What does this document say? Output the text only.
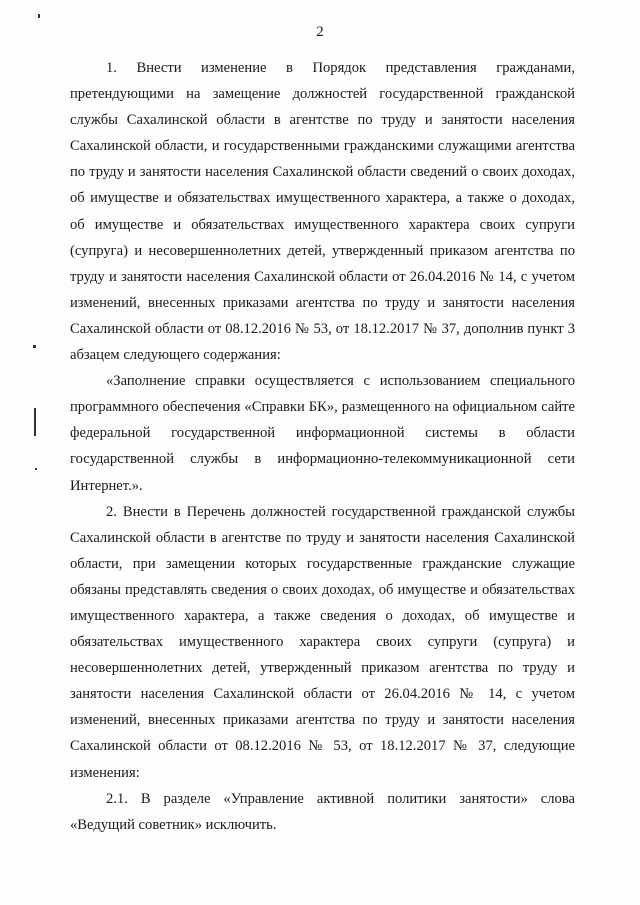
2

1. Внести изменение в Порядок представления гражданами, претендующими на замещение должностей государственной гражданской службы Сахалинской области в агентстве по труду и занятости населения Сахалинской области, и государственными гражданскими служащими агентства по труду и занятости населения Сахалинской области сведений о своих доходах, об имуществе и обязательствах имущественного характера, а также о доходах, об имуществе и обязательствах имущественного характера своих супруги (супруга) и несовершеннолетних детей, утвержденный приказом агентства по труду и занятости населения Сахалинской области от 26.04.2016 № 14, с учетом изменений, внесенных приказами агентства по труду и занятости населения Сахалинской области от 08.12.2016 № 53, от 18.12.2017 № 37, дополнив пункт 3 абзацем следующего содержания:

«Заполнение справки осуществляется с использованием специального программного обеспечения «Справки БК», размещенного на официальном сайте федеральной государственной информационной системы в области государственной службы в информационно-телекоммуникационной сети Интернет.».

2. Внести в Перечень должностей государственной гражданской службы Сахалинской области в агентстве по труду и занятости населения Сахалинской области, при замещении которых государственные гражданские служащие обязаны представлять сведения о своих доходах, об имуществе и обязательствах имущественного характера, а также сведения о доходах, об имуществе и обязательствах имущественного характера своих супруги (супруга) и несовершеннолетних детей, утвержденный приказом агентства по труду и занятости населения Сахалинской области от 26.04.2016 № 14, с учетом изменений, внесенных приказами агентства по труду и занятости населения Сахалинской области от 08.12.2016 № 53, от 18.12.2017 № 37, следующие изменения:

2.1. В разделе «Управление активной политики занятости» слова «Ведущий советник» исключить.
